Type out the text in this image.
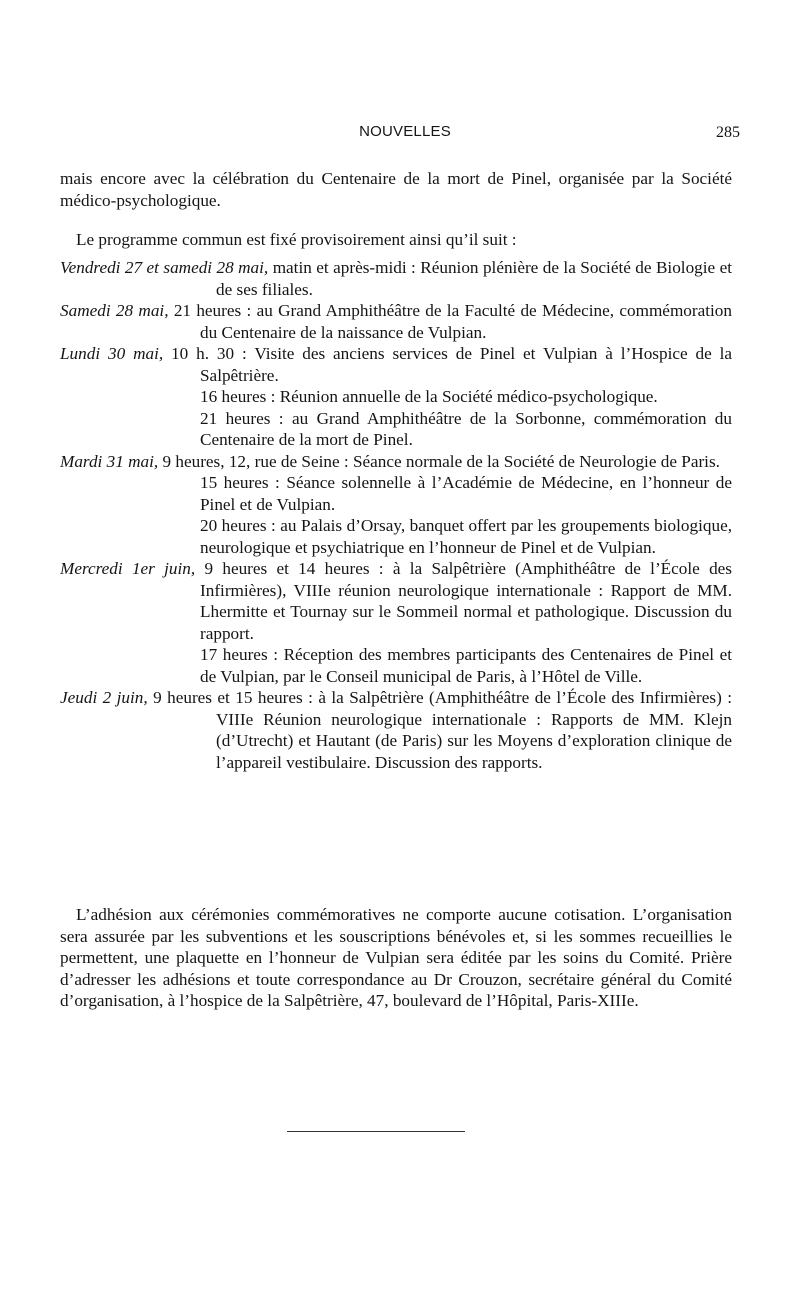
NOUVELLES	285

mais encore avec la célébration du Centenaire de la mort de Pinel, organisée par la Société médico-psychologique.

Le programme commun est fixé provisoirement ainsi qu’il suit :

Vendredi 27 et samedi 28 mai, matin et après-midi : Réunion plénière de la Société de Biologie et de ses filiales.

Samedi 28 mai, 21 heures : au Grand Amphithéâtre de la Faculté de Médecine, commémoration du Centenaire de la naissance de Vulpian.

Lundi 30 mai, 10 h. 30 : Visite des anciens services de Pinel et Vulpian à l’Hospice de la Salpêtrière.

16 heures : Réunion annuelle de la Société médico-psychologique.

21 heures : au Grand Amphithéâtre de la Sorbonne, commémoration du Centenaire de la mort de Pinel.

Mardi 31 mai, 9 heures, 12, rue de Seine : Séance normale de la Société de Neurologie de Paris.

15 heures : Séance solennelle à l’Académie de Médecine, en l’honneur de Pinel et de Vulpian.

20 heures : au Palais d’Orsay, banquet offert par les groupements biologique, neurologique et psychiatrique en l’honneur de Pinel et de Vulpian.

Mercredi 1er juin, 9 heures et 14 heures : à la Salpêtrière (Amphithéâtre de l’École des Infirmières), VIIIe réunion neurologique internationale : Rapport de MM. Lhermitte et Tournay sur le Sommeil normal et pathologique. Discussion du rapport.

17 heures : Réception des membres participants des Centenaires de Pinel et de Vulpian, par le Conseil municipal de Paris, à l’Hôtel de Ville.

Jeudi 2 juin, 9 heures et 15 heures : à la Salpêtrière (Amphithéâtre de l’École des Infirmières) : VIIIe Réunion neurologique internationale : Rapports de MM. Klejn (d’Utrecht) et Hautant (de Paris) sur les Moyens d’exploration clinique de l’appareil vestibulaire. Discussion des rapports.

L’adhésion aux cérémonies commémoratives ne comporte aucune cotisation. L’organisation sera assurée par les subventions et les souscriptions bénévoles et, si les sommes recueillies le permettent, une plaquette en l’honneur de Vulpian sera éditée par les soins du Comité. Prière d’adresser les adhésions et toute correspondance au Dr Crouzon, secrétaire général du Comité d’organisation, à l’hospice de la Salpêtrière, 47, boulevard de l’Hôpital, Paris-XIIIe.
